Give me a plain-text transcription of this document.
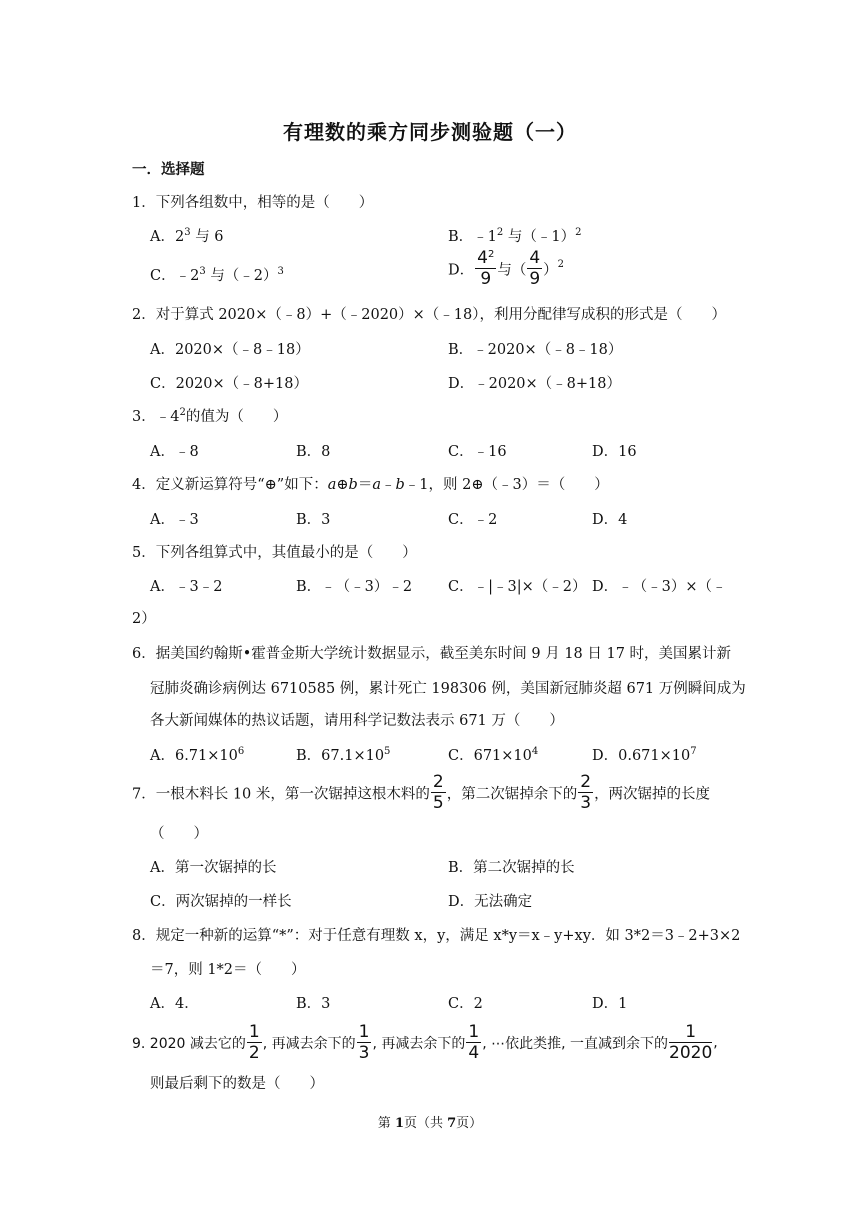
有理数的乘方同步测验题（一）
一．选择题
1．下列各组数中，相等的是（　　）
A．$2^3$ 与 6	B．$﹣1^2$ 与（﹣1）$^2$
C．$﹣2^3$ 与（﹣2）$^3$	D． $\frac{4^2}{9}$ 与（ $\frac{4}{9} )^2$
2．对于算式 2020×（﹣8）+（﹣2020）×（﹣18），利用分配律写成积的形式是（　　）
A．2020×（﹣8﹣18）	B．﹣2020×（﹣8﹣18）
C．2020×（﹣8+18）	D．﹣2020×（﹣8+18）
3．$﹣4^2$的值为（　　）
A．﹣8	B．8	C．﹣16	D．16
4．定义新运算符号“⊕”如下：a⊕b＝a﹣b﹣1，则 2⊕（﹣3）＝（　　）
A．﹣3	B．3	C．﹣2	D．4
5．下列各组算式中，其值最小的是（　　）
A．﹣3﹣2	B．﹣（﹣3）﹣2 C．﹣|﹣3|×（﹣2） D．﹣（﹣3）×（﹣
2）
6．据美国约翰斯•霍普金斯大学统计数据显示，截至美东时间 9 月 18 日 17 时，美国累计新
冠肺炎确诊病例达 6710585 例，累计死亡 198306 例，美国新冠肺炎超 671 万例瞬间成为
各大新闻媒体的热议话题，请用科学记数法表示 671 万（　　）
A．$6.71\times 10^6$	B．$67.1\times 10^5$	C．$671\times 10^4$	D．$0.671\times 10^7$
7．一根木料长 10 米，第一次锯掉这根木料的 $\frac{2}{5}$ ，第二次锯掉余下的 $\frac{2}{3}$ ，两次锯掉的长度
（　　）
A．第一次锯掉的长	B．第二次锯掉的长
C．两次锯掉的一样长	D．无法确定
8．规定一种新的运算“*”：对于任意有理数 x，y，满足 x*y＝x﹣y+xy．如 3*2＝3﹣2+3×2
＝7，则 1*2＝（　　）
A．4．	B．3	C．2	D．1
9. 2020 减去它的 $\frac{1}{2}$ , 再减去余下的 $\frac{1}{3}$ , 再减去余下的 $\frac{1}{4}$ , ⋯依此类推, 一直减到余下的 $\frac{1}{2020}$ ,
则最后剩下的数是（　　）
第 1页（共 7页）
